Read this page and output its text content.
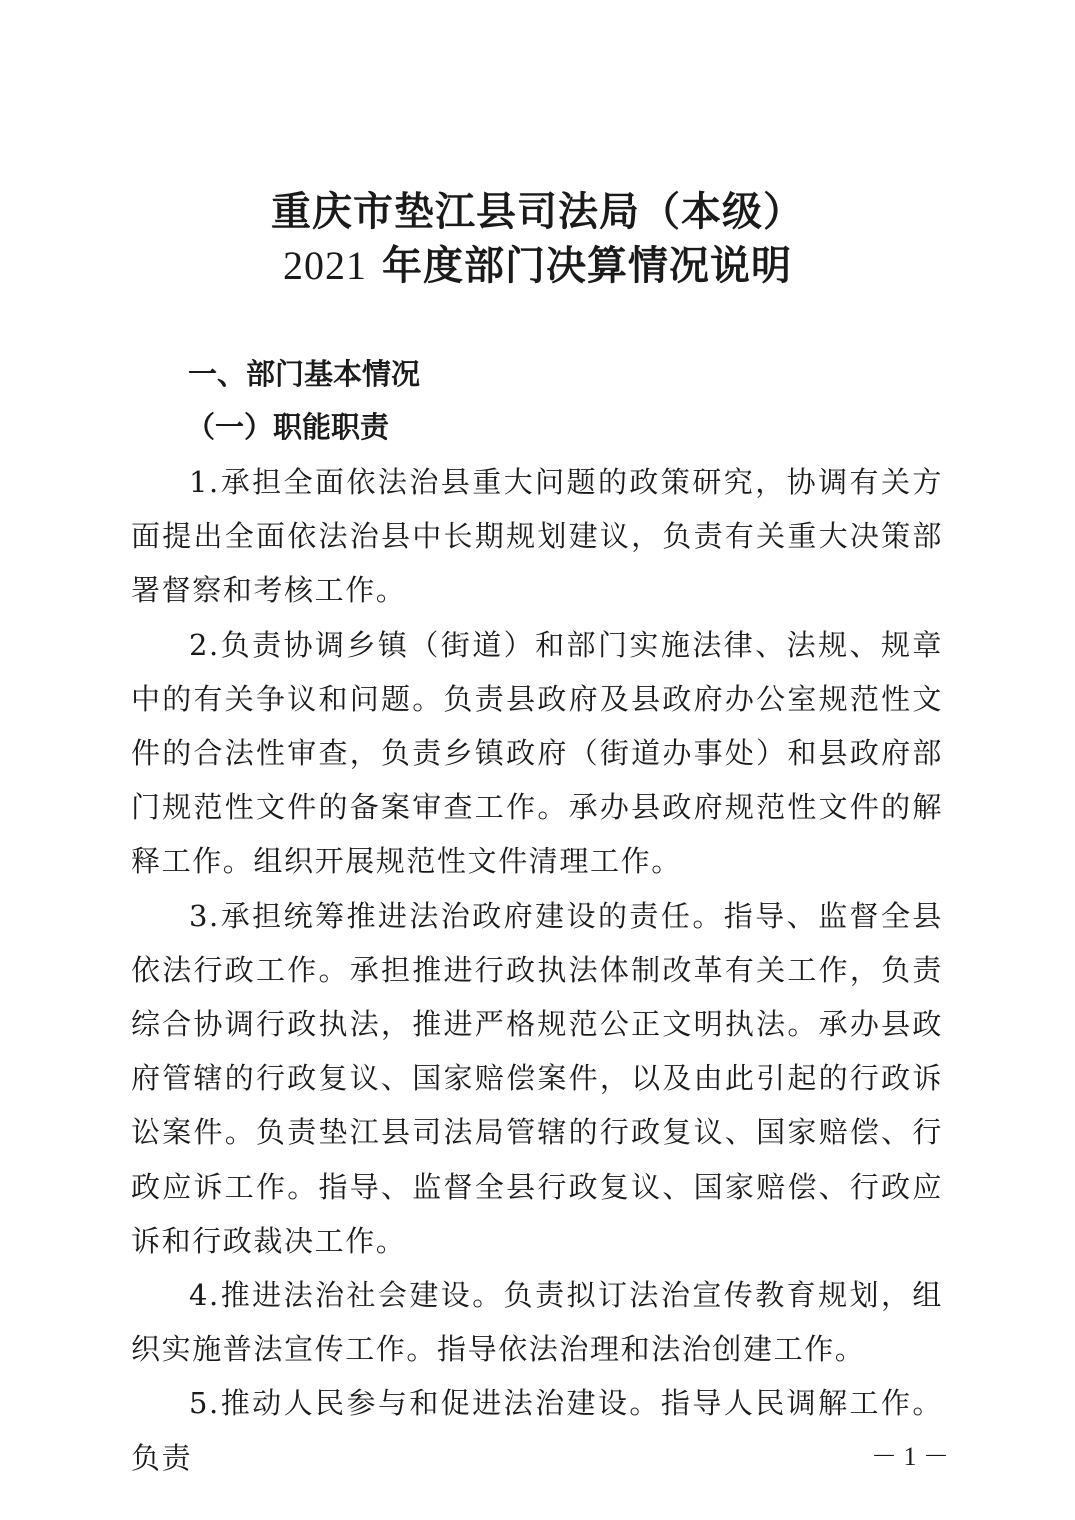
重庆市垫江县司法局（本级）
2021 年度部门决算情况说明
一、部门基本情况
（一）职能职责

1.承担全面依法治县重大问题的政策研究，协调有关方面提出全面依法治县中长期规划建议，负责有关重大决策部署督察和考核工作。

2.负责协调乡镇（街道）和部门实施法律、法规、规章中的有关争议和问题。负责县政府及县政府办公室规范性文件的合法性审查，负责乡镇政府（街道办事处）和县政府部门规范性文件的备案审查工作。承办县政府规范性文件的解释工作。组织开展规范性文件清理工作。

3.承担统筹推进法治政府建设的责任。指导、监督全县依法行政工作。承担推进行政执法体制改革有关工作，负责综合协调行政执法，推进严格规范公正文明执法。承办县政府管辖的行政复议、国家赔偿案件，以及由此引起的行政诉讼案件。负责垫江县司法局管辖的行政复议、国家赔偿、行政应诉工作。指导、监督全县行政复议、国家赔偿、行政应诉和行政裁决工作。

4.推进法治社会建设。负责拟订法治宣传教育规划，组织实施普法宣传工作。指导依法治理和法治创建工作。

5.推动人民参与和促进法治建设。指导人民调解工作。负责	－ 1 －
